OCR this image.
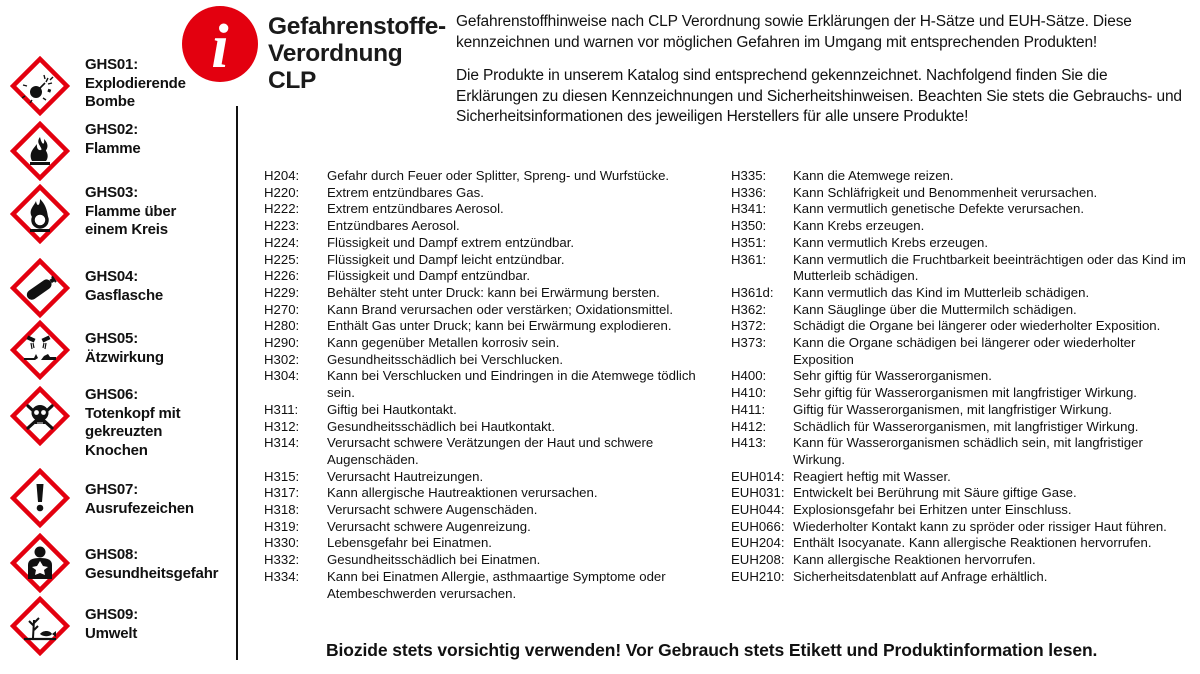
GHS01:
Explodierende
Bombe
GHS02:
Flamme
GHS03:
Flamme über
einem Kreis
GHS04:
Gasflasche
GHS05:
Ätzwirkung
GHS06:
Totenkopf mit
gekreuzten
Knochen
GHS07:
Ausrufezeichen
GHS08:
Gesundheitsgefahr
GHS09:
Umwelt
i Gefahrenstoffe-
Verordnung
CLP
Gefahrenstoffhinweise nach CLP Verordnung sowie Erklärungen der H-Sätze und EUH-Sätze. Diese kennzeichnen und warnen vor möglichen Gefahren im Umgang mit entsprechenden Produkten!
Die Produkte in unserem Katalog sind entsprechend gekennzeichnet. Nachfolgend finden Sie die Erklärungen zu diesen Kennzeichnungen und Sicherheitshinweisen. Beachten Sie stets die Gebrauchs- und Sicherheitsinformationen des jeweiligen Herstellers für alle unsere Produkte!
H204:	Gefahr durch Feuer oder Splitter, Spreng- und Wurfstücke.
H220:	Extrem entzündbares Gas.
H222:	Extrem entzündbares Aerosol.
H223:	Entzündbares Aerosol.
H224:	Flüssigkeit und Dampf extrem entzündbar.
H225:	Flüssigkeit und Dampf leicht entzündbar.
H226:	Flüssigkeit und Dampf entzündbar.
H229:	Behälter steht unter Druck: kann bei Erwärmung bersten.
H270:	Kann Brand verursachen oder verstärken; Oxidationsmittel.
H280:	Enthält Gas unter Druck; kann bei Erwärmung explodieren.
H290:	Kann gegenüber Metallen korrosiv sein.
H302:	Gesundheitsschädlich bei Verschlucken.
H304:	Kann bei Verschlucken und Eindringen in die Atemwege tödlich sein.
H311:	Giftig bei Hautkontakt.
H312:	Gesundheitsschädlich bei Hautkontakt.
H314:	Verursacht schwere Verätzungen der Haut und schwere Augenschäden.
H315:	Verursacht Hautreizungen.
H317:	Kann allergische Hautreaktionen verursachen.
H318:	Verursacht schwere Augenschäden.
H319:	Verursacht schwere Augenreizung.
H330:	Lebensgefahr bei Einatmen.
H332:	Gesundheitsschädlich bei Einatmen.
H334:	Kann bei Einatmen Allergie, asthmaartige Symptome oder Atembeschwerden verursachen.
H335:	Kann die Atemwege reizen.
H336:	Kann Schläfrigkeit und Benommenheit verursachen.
H341:	Kann vermutlich genetische Defekte verursachen.
H350:	Kann Krebs erzeugen.
H351:	Kann vermutlich Krebs erzeugen.
H361:	Kann vermutlich die Fruchtbarkeit beeinträchtigen oder das Kind im Mutterleib schädigen.
H361d:	Kann vermutlich das Kind im Mutterleib schädigen.
H362:	Kann Säuglinge über die Muttermilch schädigen.
H372:	Schädigt die Organe bei längerer oder wiederholter Exposition.
H373:	Kann die Organe schädigen bei längerer oder wiederholter Exposition
H400:	Sehr giftig für Wasserorganismen.
H410:	Sehr giftig für Wasserorganismen mit langfristiger Wirkung.
H411:	Giftig für Wasserorganismen, mit langfristiger Wirkung.
H412:	Schädlich für Wasserorganismen, mit langfristiger Wirkung.
H413:	Kann für Wasserorganismen schädlich sein, mit langfristiger Wirkung.
EUH014: Reagiert heftig mit Wasser.
EUH031: Entwickelt bei Berührung mit Säure giftige Gase.
EUH044: Explosionsgefahr bei Erhitzen unter Einschluss.
EUH066: Wiederholter Kontakt kann zu spröder oder rissiger Haut führen.
EUH204: Enthält Isocyanate. Kann allergische Reaktionen hervorrufen.
EUH208: Kann allergische Reaktionen hervorrufen.
EUH210: Sicherheitsdatenblatt auf Anfrage erhältlich.
Biozide stets vorsichtig verwenden! Vor Gebrauch stets Etikett und Produktinformation lesen.
